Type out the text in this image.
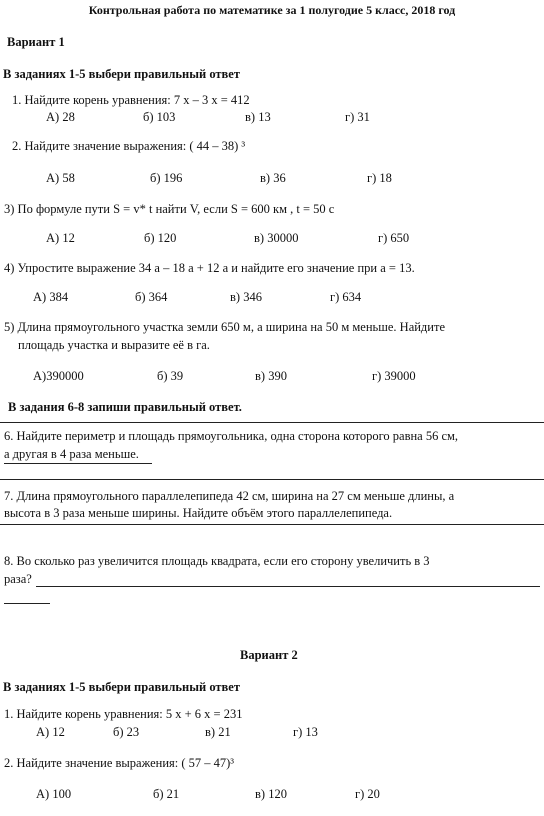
Контрольная работа по математике за 1 полугодие 5 класс, 2018 год
Вариант 1
В заданиях 1-5 выбери правильный ответ
1. Найдите корень уравнения: 7 х – 3 х = 412
А) 28	б) 103	в) 13	г) 31
2. Найдите значение выражения: ( 44 – 38) ³
А) 58	б) 196	в) 36	г) 18
3) По формуле пути S = v* t найти V, если S = 600 км , t = 50 с
А) 12	б) 120	в) 30000	г) 650
4) Упростите выражение 34 а – 18 а + 12 а и найдите его значение при а = 13.
А) 384	б) 364	в) 346	г) 634
5) Длина прямоугольного участка земли 650 м, а ширина на 50 м меньше. Найдите
площадь участка и выразите её в га.
А)390000	б) 39	в) 390	г) 39000
В задания 6-8 запиши правильный ответ.
6. Найдите периметр и площадь прямоугольника, одна сторона которого равна 56 см,
а другая в 4 раза меньше.
7. Длина прямоугольного параллелепипеда 42 см, ширина на 27 см меньше длины, а
высота в 3 раза меньше ширины. Найдите объём этого параллелепипеда.
8. Во сколько раз увеличится площадь квадрата, если его сторону увеличить в 3
раза?
Вариант 2
В заданиях 1-5 выбери правильный ответ
1. Найдите корень уравнения: 5 х + 6 х = 231
А) 12	б) 23	в) 21	г) 13
2. Найдите значение выражения: ( 57 – 47)³
А) 100	б) 21	в) 120	г) 20
